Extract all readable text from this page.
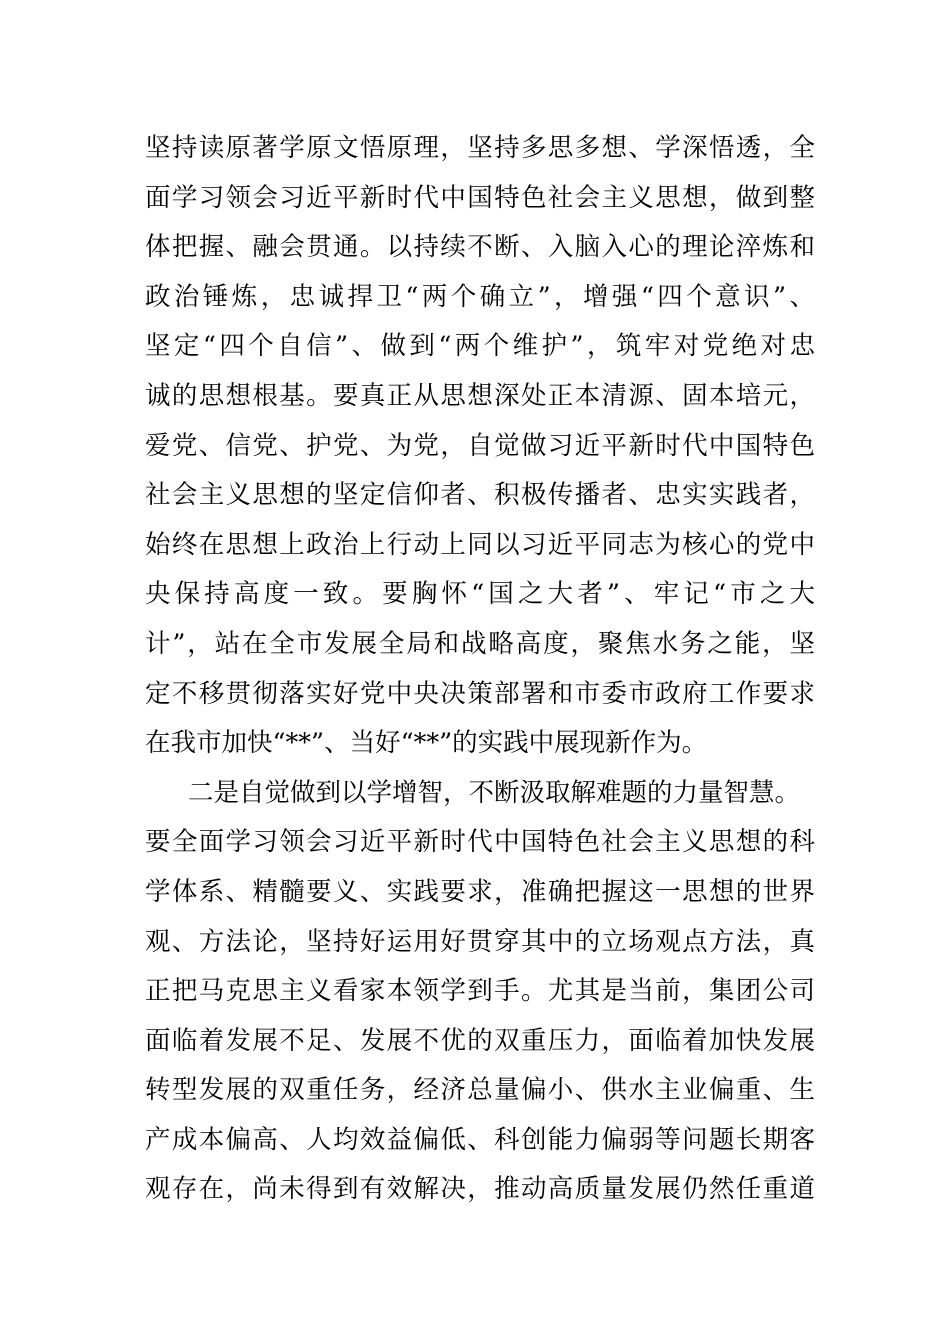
坚持读原著学原文悟原理，坚持多思多想、学深悟透，全
面学习领会习近平新时代中国特色社会主义思想，做到整
体把握、融会贯通。以持续不断、入脑入心的理论淬炼和
政治锤炼，忠诚捍卫“两个确立”，增强“四个意识”、
坚定“四个自信”、做到“两个维护”，筑牢对党绝对忠
诚的思想根基。要真正从思想深处正本清源、固本培元，
爱党、信党、护党、为党，自觉做习近平新时代中国特色
社会主义思想的坚定信仰者、积极传播者、忠实实践者，
始终在思想上政治上行动上同以习近平同志为核心的党中
央保持高度一致。要胸怀“国之大者”、牢记“市之大
计”，站在全市发展全局和战略高度，聚焦水务之能，坚
定不移贯彻落实好党中央决策部署和市委市政府工作要求
在我市加快“**”、当好“**”的实践中展现新作为。
二是自觉做到以学增智，不断汲取解难题的力量智慧。
要全面学习领会习近平新时代中国特色社会主义思想的科
学体系、精髓要义、实践要求，准确把握这一思想的世界
观、方法论，坚持好运用好贯穿其中的立场观点方法，真
正把马克思主义看家本领学到手。尤其是当前，集团公司
面临着发展不足、发展不优的双重压力，面临着加快发展
转型发展的双重任务，经济总量偏小、供水主业偏重、生
产成本偏高、人均效益偏低、科创能力偏弱等问题长期客
观存在，尚未得到有效解决，推动高质量发展仍然任重道
